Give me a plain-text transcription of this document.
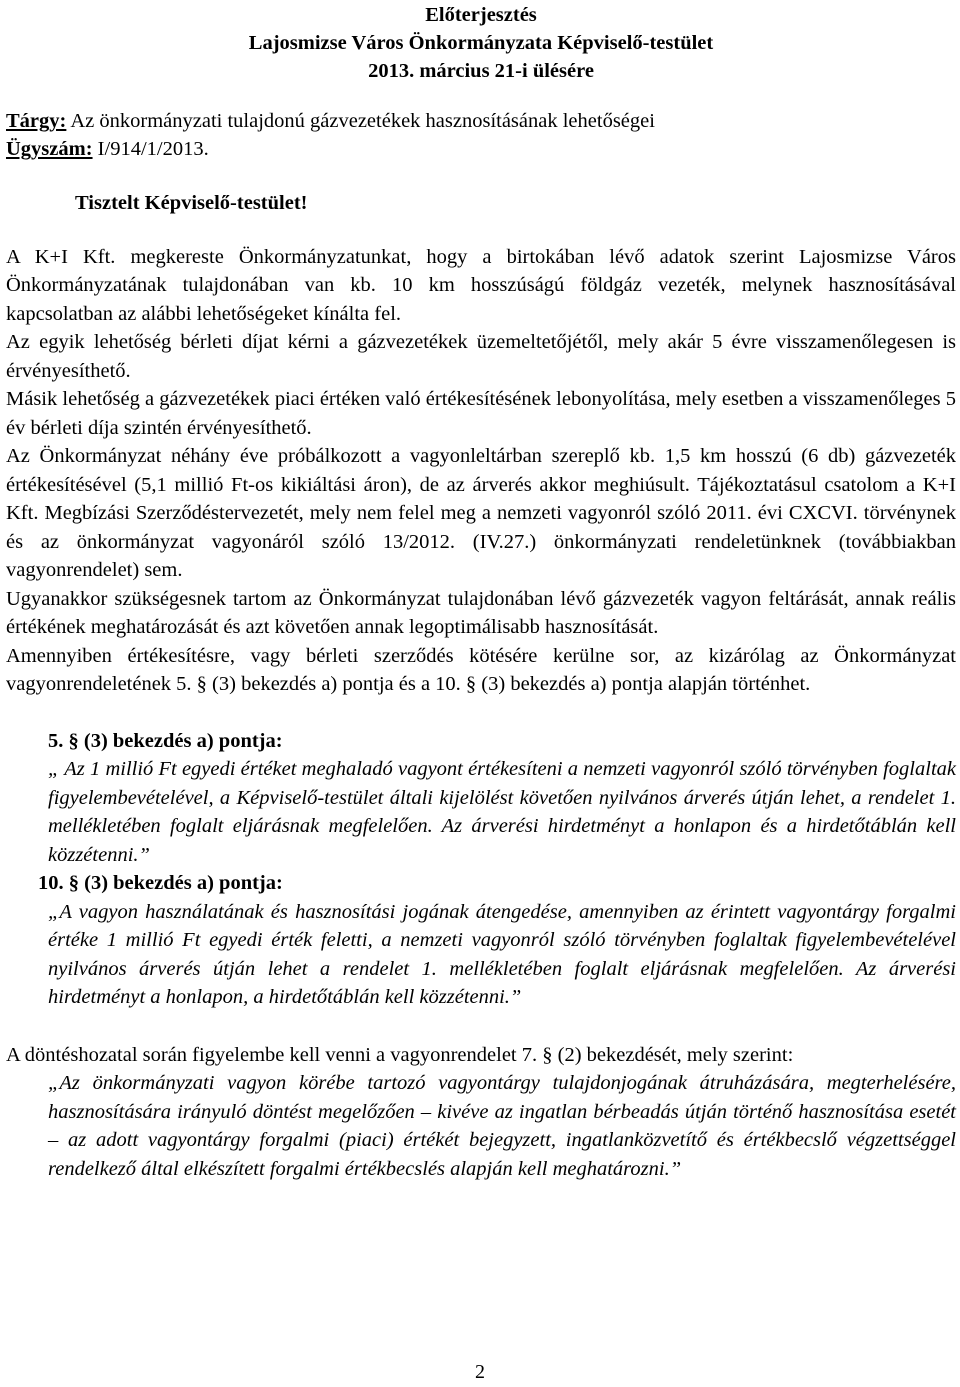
Előterjesztés
Lajosmizse Város Önkormányzata Képviselő-testület
2013. március 21-i ülésére
Tárgy: Az önkormányzati tulajdonú gázvezetékek hasznosításának lehetőségei
Ügyszám: I/914/1/2013.
Tisztelt Képviselő-testület!

A K+I Kft. megkereste Önkormányzatunkat, hogy a birtokában lévő adatok szerint Lajosmizse Város Önkormányzatának tulajdonában van kb. 10 km hosszúságú földgáz vezeték, melynek hasznosításával kapcsolatban az alábbi lehetőségeket kínálta fel.

Az egyik lehetőség bérleti díjat kérni a gázvezetékek üzemeltetőjétől, mely akár 5 évre visszamenőlegesen is érvényesíthető.

Másik lehetőség a gázvezetékek piaci értéken való értékesítésének lebonyolítása, mely esetben a visszamenőleges 5 év bérleti díja szintén érvényesíthető.

Az Önkormányzat néhány éve próbálkozott a vagyonleltárban szereplő kb. 1,5 km hosszú (6 db) gázvezeték értékesítésével (5,1 millió Ft-os kikiáltási áron), de az árverés akkor meghiúsult. Tájékoztatásul csatolom a K+I Kft. Megbízási Szerződéstervezetét, mely nem felel meg a nemzeti vagyonról szóló 2011. évi CXCVI. törvénynek és az önkormányzat vagyonáról szóló 13/2012. (IV.27.) önkormányzati rendeletünknek (továbbiakban vagyonrendelet) sem.

Ugyanakkor szükségesnek tartom az Önkormányzat tulajdonában lévő gázvezeték vagyon feltárását, annak reális értékének meghatározását és azt követően annak legoptimálisabb hasznosítását.

Amennyiben értékesítésre, vagy bérleti szerződés kötésére kerülne sor, az kizárólag az Önkormányzat vagyonrendeletének 5. § (3) bekezdés a) pontja és a 10. § (3) bekezdés a) pontja alapján történhet.

5. § (3) bekezdés a) pontja:
„ Az 1 millió Ft egyedi értéket meghaladó vagyont értékesíteni a nemzeti vagyonról szóló törvényben foglaltak figyelembevételével, a Képviselő-testület általi kijelölést követően nyilvános árverés útján lehet, a rendelet 1. mellékletében foglalt eljárásnak megfelelően. Az árverési hirdetményt a honlapon és a hirdetőtáblán kell közzétenni.”
10. § (3) bekezdés a) pontja:
„A vagyon használatának és hasznosítási jogának átengedése, amennyiben az érintett vagyontárgy forgalmi értéke 1 millió Ft egyedi érték feletti, a nemzeti vagyonról szóló törvényben foglaltak figyelembevételével nyilvános árverés útján lehet a rendelet 1. mellékletében foglalt eljárásnak megfelelően. Az árverési hirdetményt a honlapon, a hirdetőtáblán kell közzétenni.”

A döntéshozatal során figyelembe kell venni a vagyonrendelet 7. § (2) bekezdését, mely szerint:

„Az önkormányzati vagyon körébe tartozó vagyontárgy tulajdonjogának átruházására, megterhelésére, hasznosítására irányuló döntést megelőzően – kivéve az ingatlan bérbeadás útján történő hasznosítása esetét – az adott vagyontárgy forgalmi (piaci) értékét bejegyzett, ingatlanközvetítő és értékbecslő végzettséggel rendelkező által elkészített forgalmi értékbecslés alapján kell meghatározni.”
2
